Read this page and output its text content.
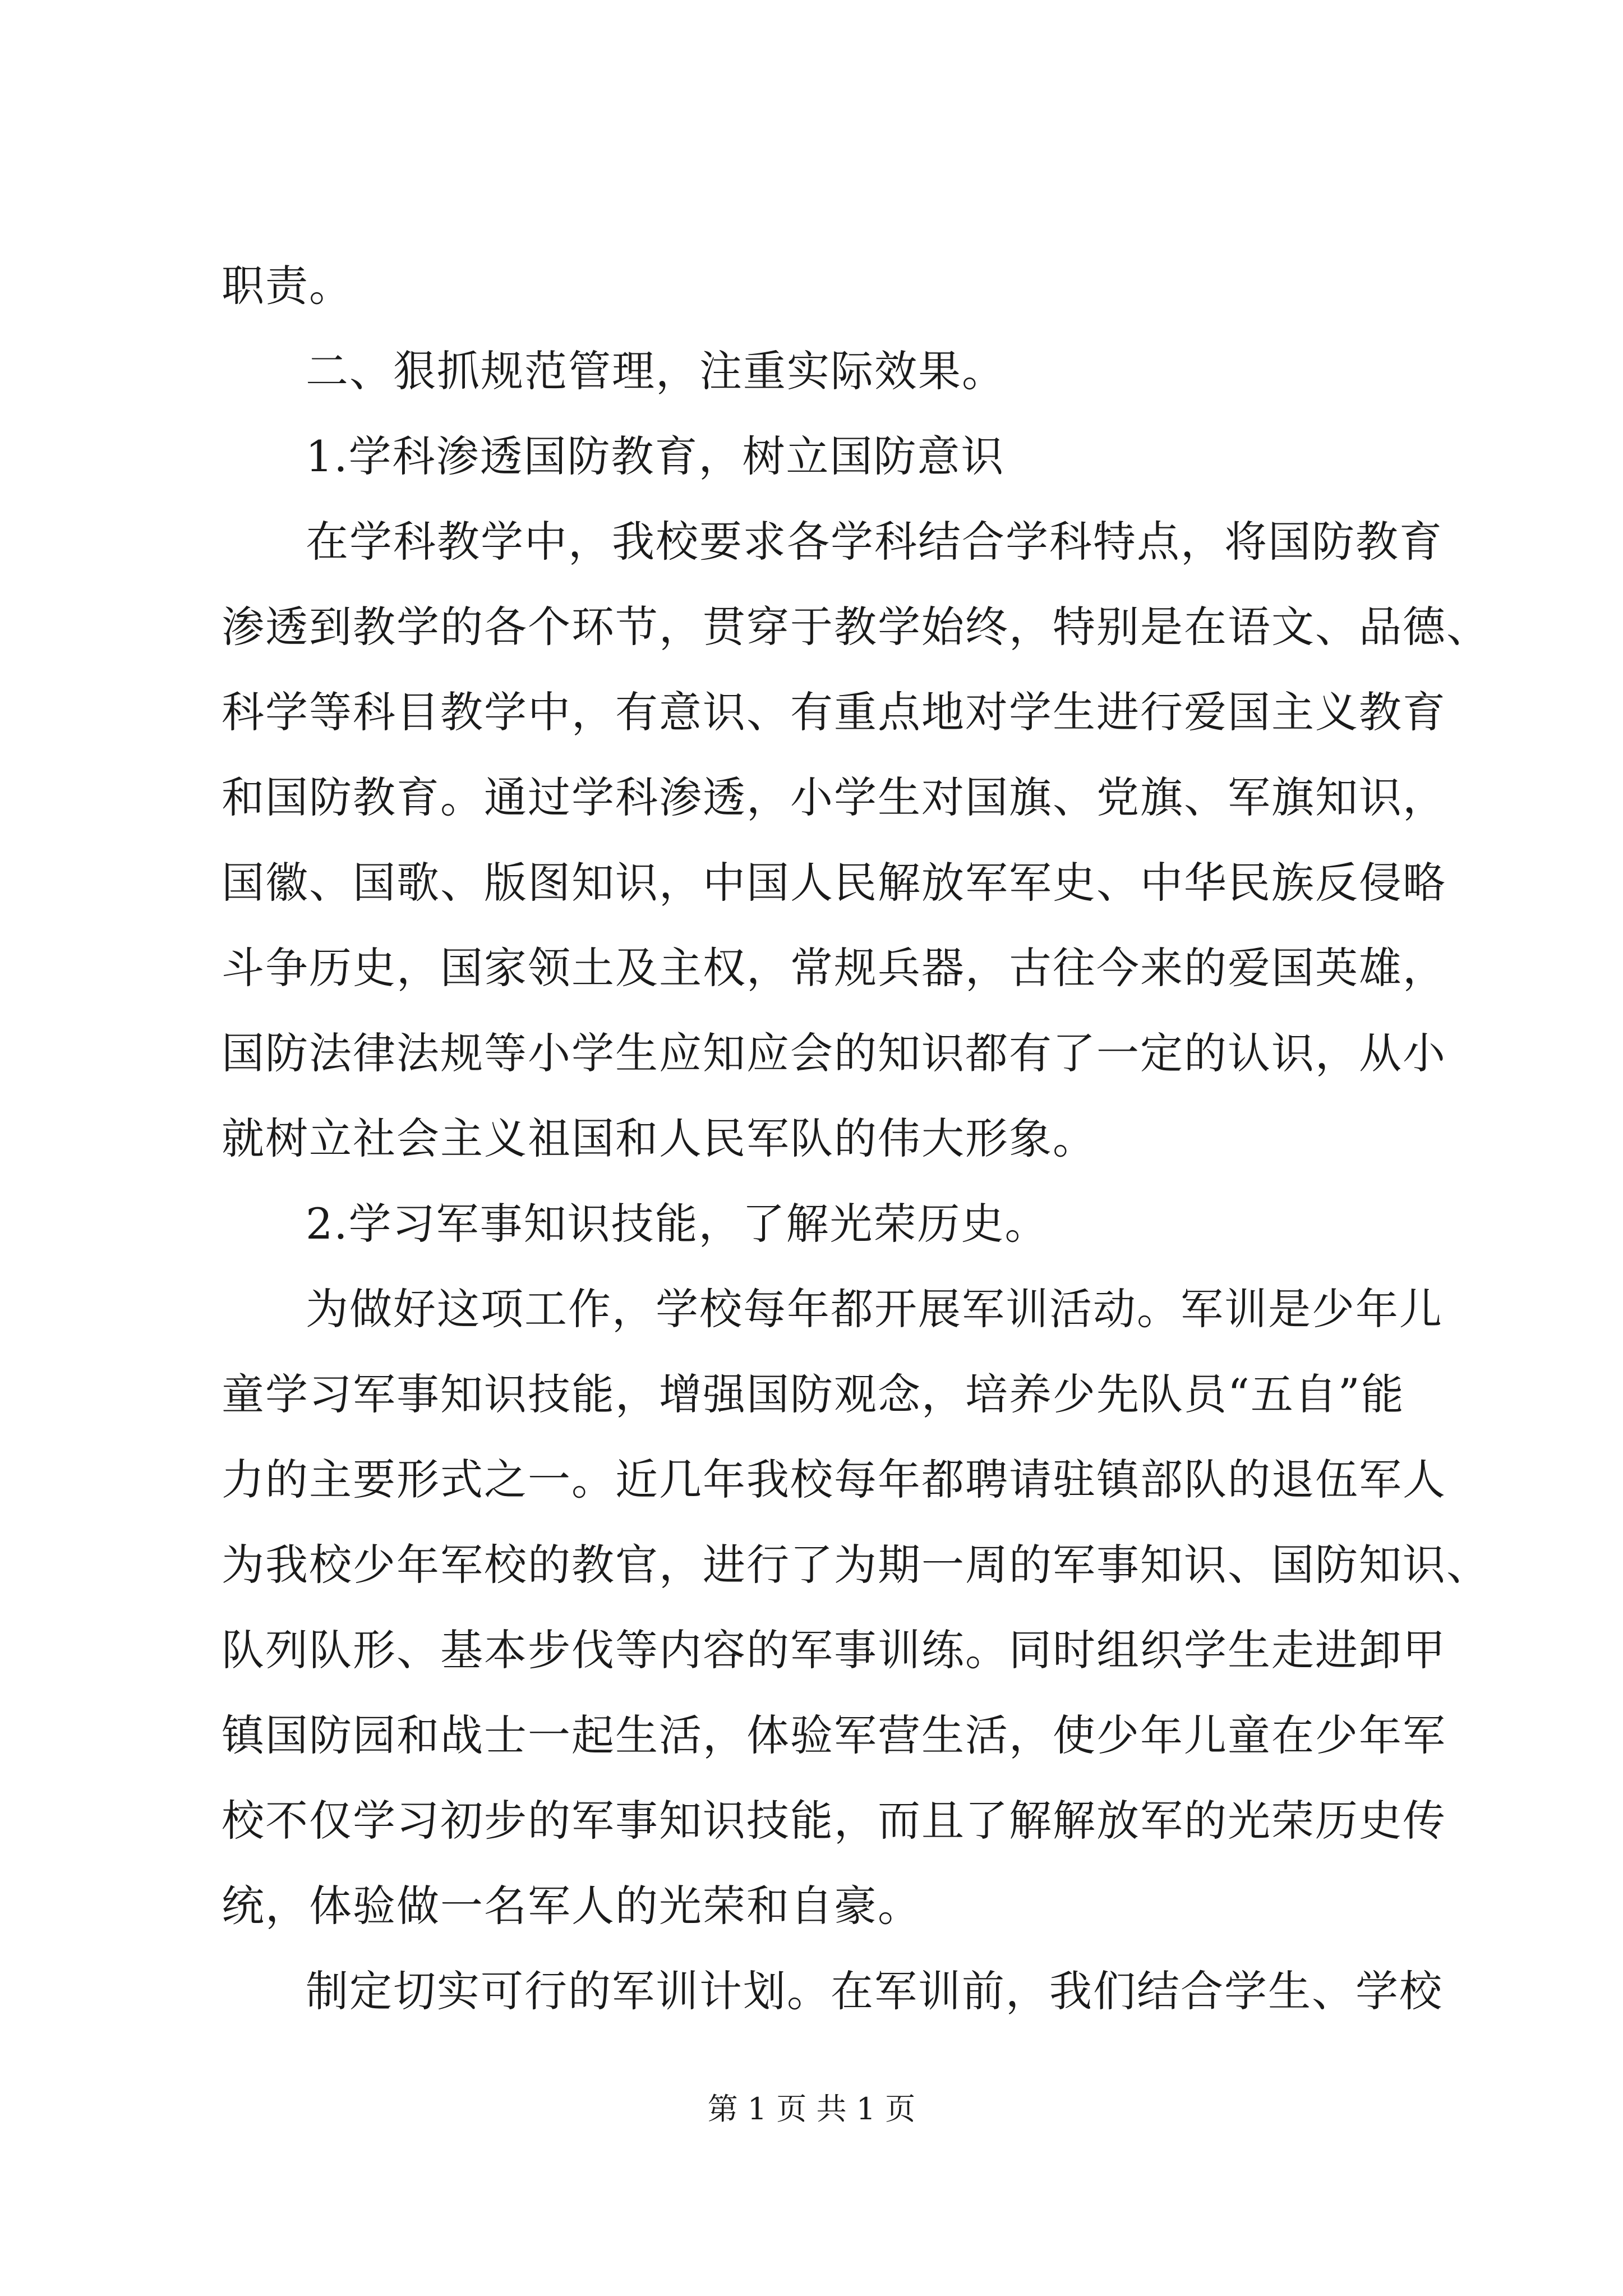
职责。
二、狠抓规范管理，注重实际效果。
1.学科渗透国防教育，树立国防意识
在学科教学中，我校要求各学科结合学科特点，将国防教育
渗透到教学的各个环节，贯穿于教学始终，特别是在语文、品德、
科学等科目教学中，有意识、有重点地对学生进行爱国主义教育
和国防教育。通过学科渗透，小学生对国旗、党旗、军旗知识，
国徽、国歌、版图知识，中国人民解放军军史、中华民族反侵略
斗争历史，国家领土及主权，常规兵器，古往今来的爱国英雄，
国防法律法规等小学生应知应会的知识都有了一定的认识，从小
就树立社会主义祖国和人民军队的伟大形象。
2.学习军事知识技能，了解光荣历史。
为做好这项工作，学校每年都开展军训活动。军训是少年儿
童学习军事知识技能，增强国防观念，培养少先队员“五自”能
力的主要形式之一。近几年我校每年都聘请驻镇部队的退伍军人
为我校少年军校的教官，进行了为期一周的军事知识、国防知识、
队列队形、基本步伐等内容的军事训练。同时组织学生走进卸甲
镇国防园和战士一起生活，体验军营生活，使少年儿童在少年军
校不仅学习初步的军事知识技能，而且了解解放军的光荣历史传
统，体验做一名军人的光荣和自豪。
制定切实可行的军训计划。在军训前，我们结合学生、学校
第 1 页 共 1 页
